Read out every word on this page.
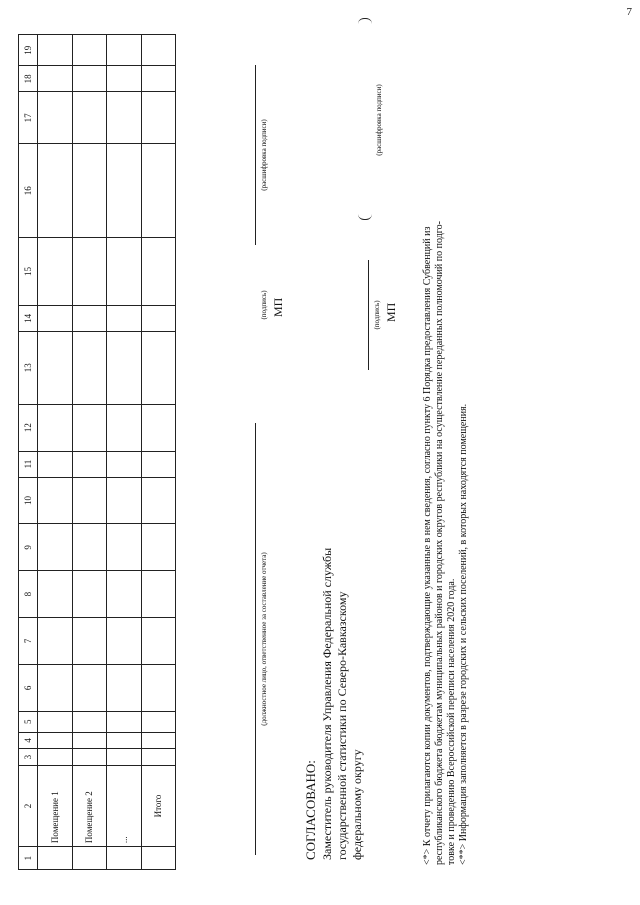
7
1	2	3	4	5	6	7	8	9	10	11	12	13	14	15	16	17	18	19
	Помещение 1																	
	Помещение 2																	
	...																	
	Итого																	
(должностное лицо, ответственное за составление отчета)
(подпись) МП
(расшифровка подписи)
СОГЛАСОВАНО: Заместитель руководителя Управления Федеральной службы государственной статистики по Северо-Кавказскому федеральному округу
(подпись) МП
(расшифровка подписи)
<*> К отчету прилагаются копии документов, подтверждающие указанные в нем сведения, согласно пункту 6 Порядка предоставления Субвенций из республиканского бюджета бюджетам муниципальных районов и городских округов республики на осуществление переданных полномочий по подго- товке и проведению Всероссийской переписи населения 2020 года. <**> Информация заполняется в разрезе городских и сельских поселений, в которых находятся помещения.
